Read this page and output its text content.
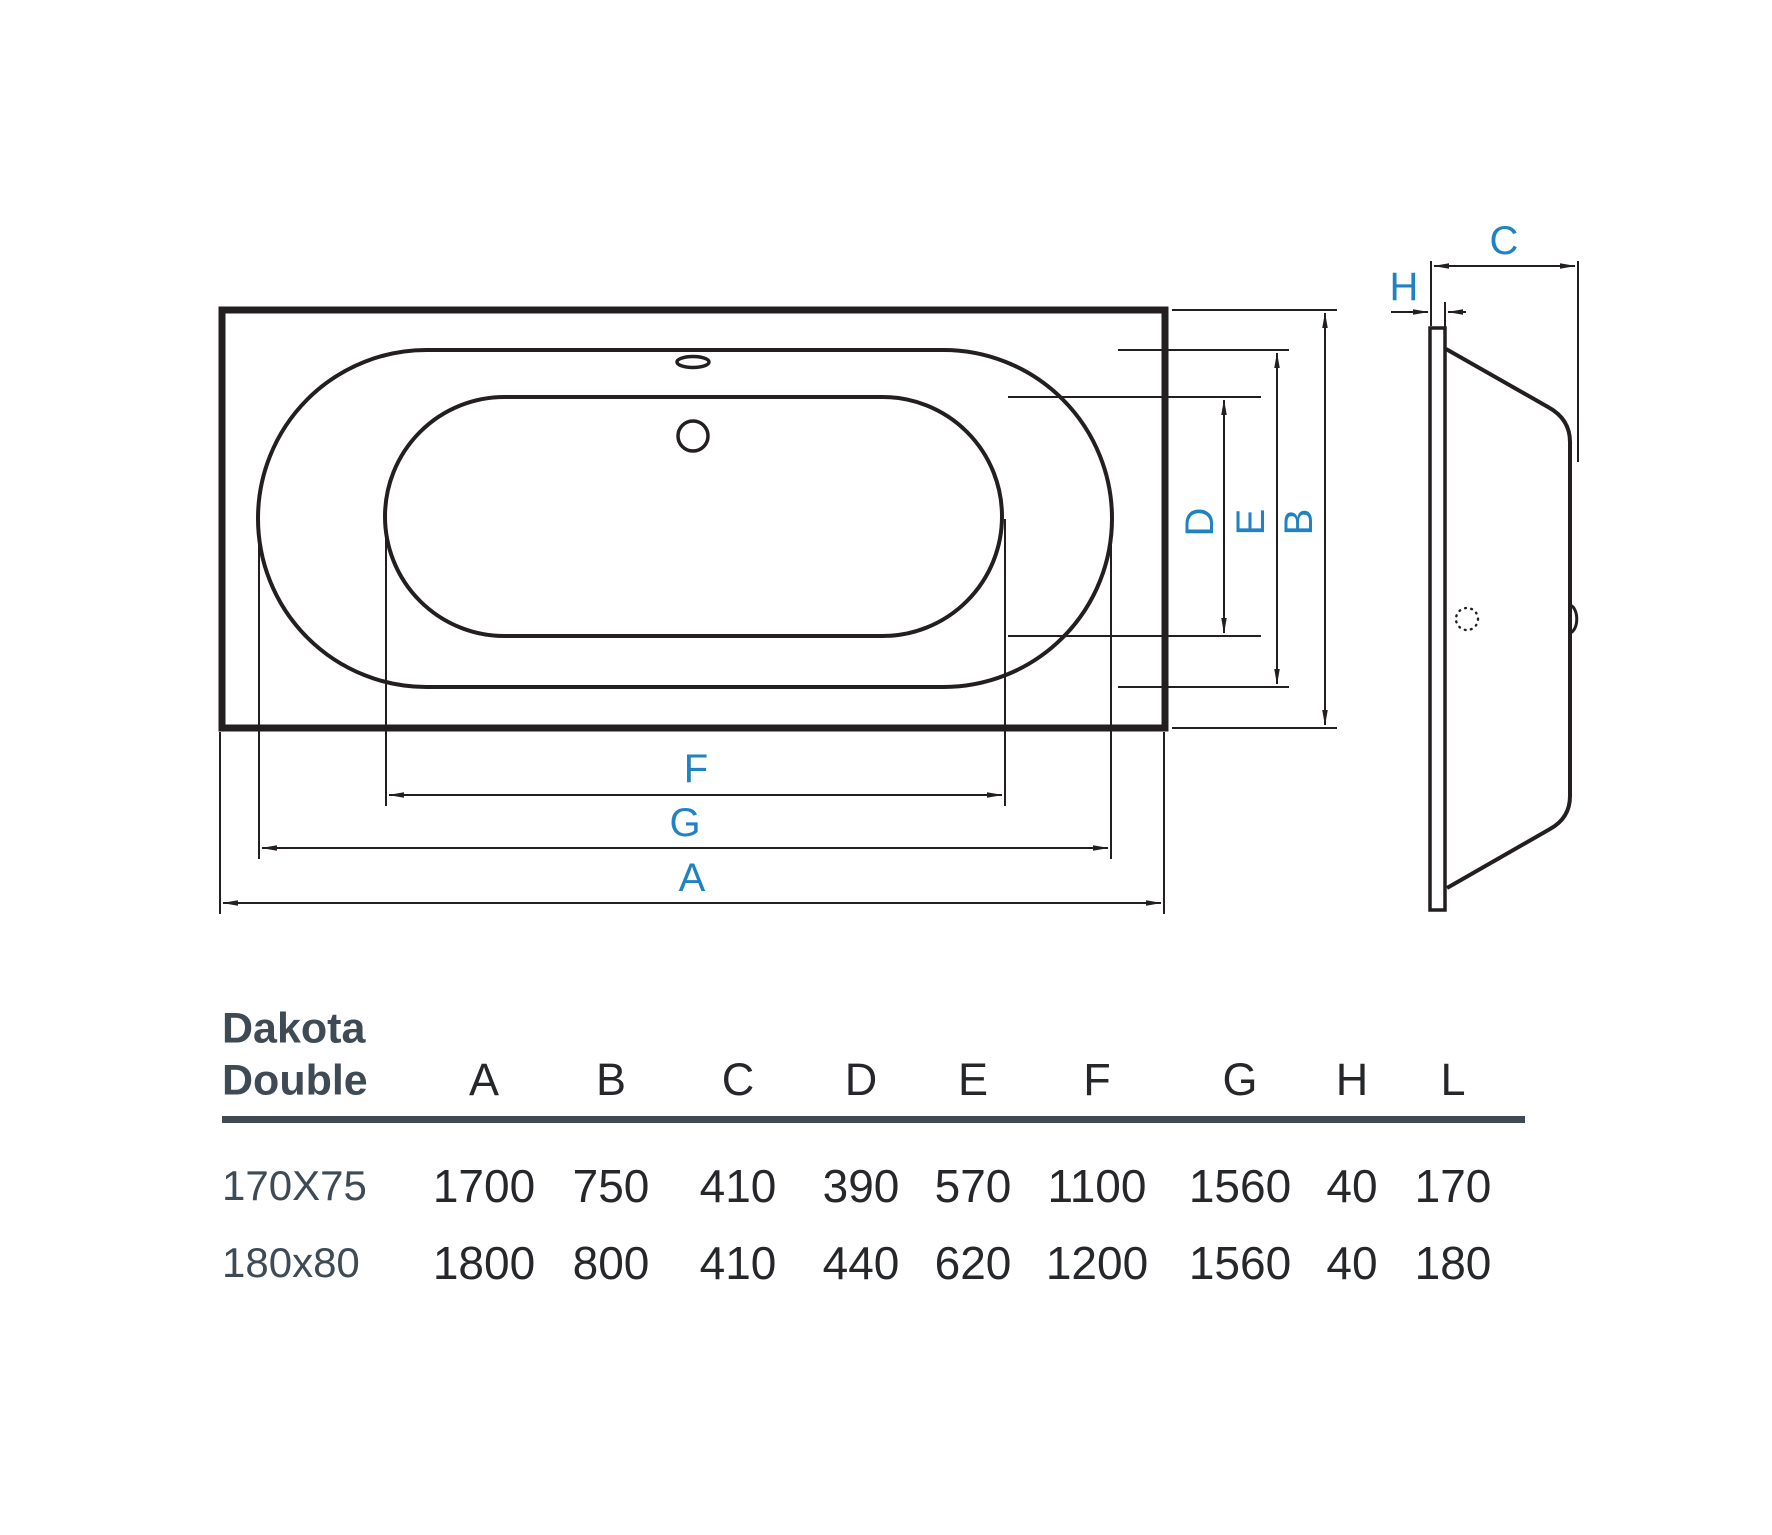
D E B
F
G
A
C
H
Dakota
Double A B C D E F G H L
170X75 1700 750 410 390 570 1100 1560 40 170
180x80 1800 800 410 440 620 1200 1560 40 180
